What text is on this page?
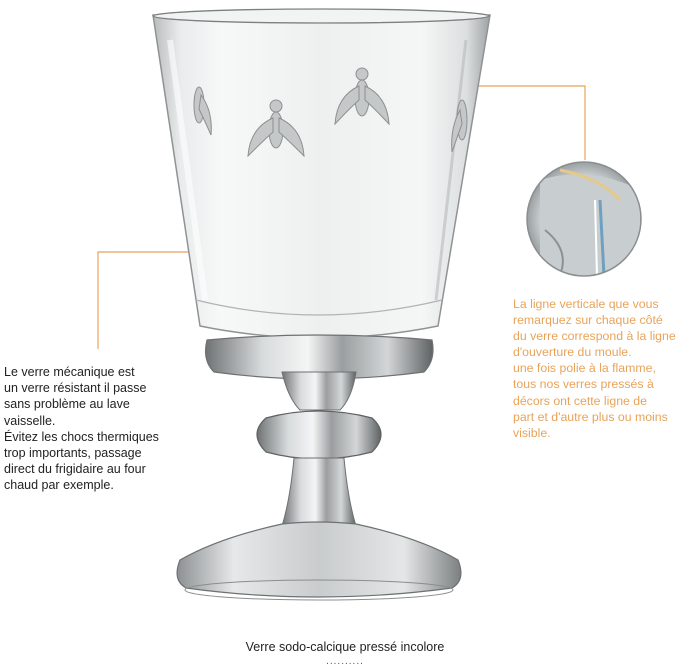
Le verre mécanique est

un verre résistant il passe

sans problème au lave

vaisselle.

Évitez les chocs thermiques

trop importants, passage

direct du frigidaire au four

chaud par exemple.

La ligne verticale que vous

remarquez sur chaque côté

du verre correspond à la ligne

d'ouverture du moule.

une fois polie à la flamme,

tous nos verres pressés à

décors ont cette ligne de

part et d'autre plus ou moins

visible.

Verre sodo-calcique pressé incolore
..........
